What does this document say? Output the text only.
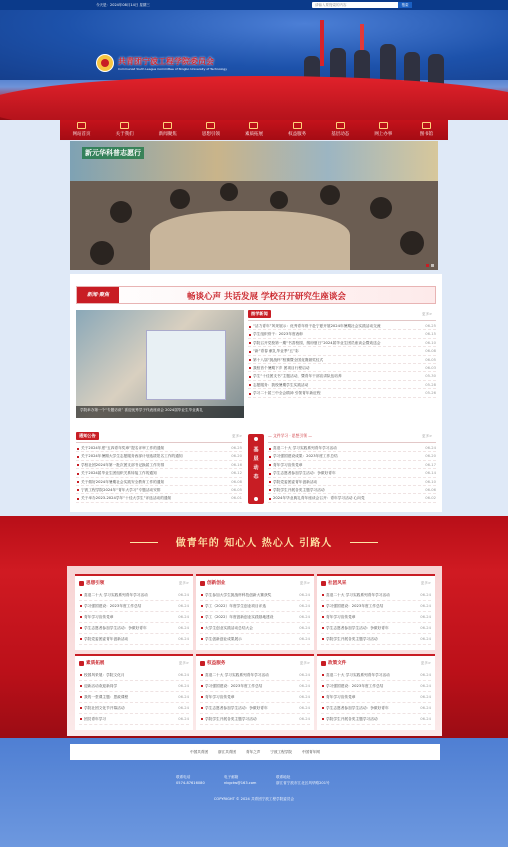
今天是：2024年08月14日 星期三	请输入要搜索的内容	搜索
共青团宁波工程学院委员会
Communist Youth League Committee of Ningbo University of Technology
网站首页	关于我们	新闻聚焦	思想引领	素质拓展	权益服务	基层动态	网上办事	图书馆
新元华科普志愿行
新闻·聚焦	畅谈心声 共话发展 学校召开研究生座谈会
学院举办第一个“专题访谈” 喜迎优秀学子代表座谈会 2024届毕业生毕业典礼
图学新闻	更多>
“活力青年”风采展示：优秀青年骨干赴宁夏开展2024年暑期社会实践活动交流	06-25
学生组织骨干：2023年度表彰	06-15
学院召开党校第一期“书香校园，缤纷夏日”2024届毕业生团员座谈会暨欢送会	06-10
“新”青春 献礼毕业季“五”彩	06-08
第十八届“挑战杯”校赛暨全国竞赛颁奖仪式	06-05
我校首个暑期下乡 团项目行程启动	06-03
学生“十佳团支书”主题活动，暨青年干部宣讲队伍培养	05-30
志愿服务：我校暑期学生实践活动	05-28
学习二十届三中全会精神 引领青年新征程	05-26
通知公告	更多>
关于2024年度“五四青年奖章”提名评审工作的通知	06-25
关于2024年暑期大学生志愿服务西部计划选拔报名工作的通知	06-20
学校社团2024年第一批次团支部书记换届工作安排	06-16
关于2024届毕业生团组织关系转接工作的通知	06-12
关于做好2024年暑期社会实践安全教育工作的通知	06-08
宁波工程学院2024年“青年大学习”专题活动安排	06-05
关于举办2023-2024学年“十佳大学生”评选活动的通知	06-01
基
层
动
态
— 文件学习 · 思想引领 —	更多>
喜迎二十大 学习实践系列青年学习活动	06-24
学习强国建设成果：2023年度工作总结	06-20
青年学习宣传党章	06-17
学生志愿者参加学生活动：争做好青年	06-14
学院党委团委青年创新活动	06-10
学院学生开展各类主题学习活动	06-06
2024年毕业典礼青年座谈会召开：青年学习活动 心向党	06-02
做青年的 知心人 热心人 引路人
思想引领	更多>
喜迎二十大 学习实践系列青年学习活动	06-24
学习强国建设：2023年度工作总结	06-24
青年学习宣传党章	06-24
学生志愿者参加学生活动：争做好青年	06-24
学院党委团委青年创新活动	06-24
创新创业	更多>
学生参加大学生挑战杯科技创新大赛获奖	06-24
学工（2022）年度学生创业项目评选	06-24
学工（2022）年度创新创业实践基地建设	06-24
大学生创业实践活动总结大会	06-24
学生创新创业成果展示	06-24
社团风采	更多>
喜迎二十大 学习实践系列青年学习活动	06-24
学习强国建设：2023年度工作总结	06-24
青年学习宣传党章	06-24
学生志愿者参加学生活动：争做好青年	06-24
学院学生开展各类主题学习活动	06-24
素质拓展	更多>
校园风采展：学院文化月	06-24
迎新活动欢迎新同学	06-24
我的一堂课主题：思政课程	06-24
学院社团文化节开幕活动	06-24
团员青年学习	06-24
权益服务	更多>
喜迎二十大 学习实践系列青年学习活动	06-24
学习强国建设：2023年度工作总结	06-24
青年学习宣传党章	06-24
学生志愿者参加学生活动：争做好青年	06-24
学院学生开展各类主题学习活动	06-24
政策文件	更多>
喜迎二十大 学习实践系列青年学习活动	06-24
学习强国建设：2023年度工作总结	06-24
青年学习宣传党章	06-24
学生志愿者参加学生活动：争做好青年	06-24
学院学生开展各类主题学习活动	06-24
中国共青团	浙江共青团	青年之声	宁波工程学院	中国青年网
联系电话
0574-87616080
电子邮箱
nbgctw@163.com
联系地址
浙江省宁波市江北区风华路201号
COPYRIGHT © 2024 共青团宁波工程学院委员会
